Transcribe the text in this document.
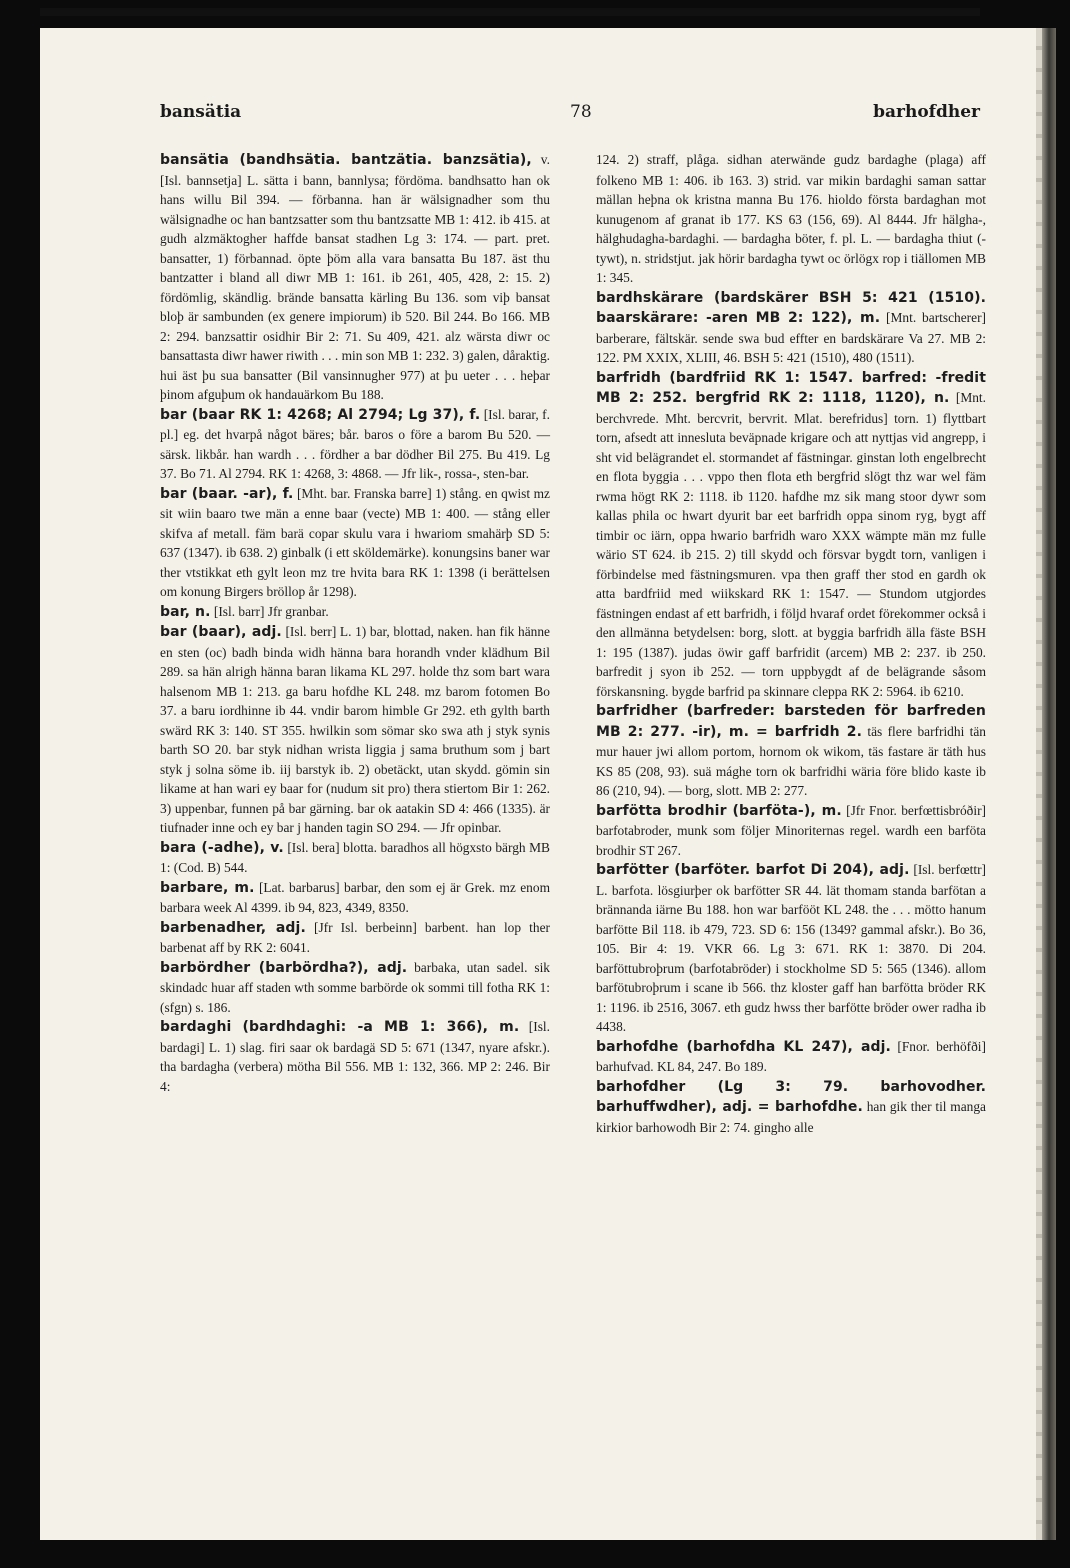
bansätia	78	barhofdher

bansätia (bandhsätia. bantzätia. banzsätia), v. [Isl. bannsetja] L. sätta i bann, bannlysa; fördöma. bandhsatto han ok hans willu Bil 394. — förbanna. han är wälsignadher som thu wälsignadhe oc han bantzsatter som thu bantzsatte MB 1: 412. ib 415. at gudh alzmäktogher haffde bansat stadhen Lg 3: 174. — part. pret. bansatter, 1) förbannad. öpte þöm alla vara bansatta Bu 187. äst thu bantzatter i bland all diwr MB 1: 161. ib 261, 405, 428, 2: 15. 2) fördömlig, skändlig. brände bansatta kärling Bu 136. som viþ bansat bloþ är sambunden (ex genere impiorum) ib 520. Bil 244. Bo 166. MB 2: 294. banzsattir osidhir Bir 2: 71. Su 409, 421. alz wärsta diwr oc bansattasta diwr hawer riwith . . . min son MB 1: 232. 3) galen, dåraktig. hui äst þu sua bansatter (Bil vansinnugher 977) at þu ueter . . . heþar þinom afguþum ok handauärkom Bu 188.

bar (baar RK 1: 4268; Al 2794; Lg 37), f. [Isl. barar, f. pl.] eg. det hvarpå något bäres; bår. baros o före a barom Bu 520. — särsk. likbår. han wardh . . . fördher a bar dödher Bil 275. Bu 419. Lg 37. Bo 71. Al 2794. RK 1: 4268, 3: 4868. — Jfr lik-, rossa-, sten-bar.

bar (baar. -ar), f. [Mht. bar. Franska barre] 1) stång. en qwist mz sit wiin baaro twe män a enne baar (vecte) MB 1: 400. — stång eller skifva af metall. fäm barä copar skulu vara i hwariom smahärþ SD 5: 637 (1347). ib 638. 2) ginbalk (i ett sköldemärke). konungsins baner war ther vtstikkat eth gylt leon mz tre hvita bara RK 1: 1398 (i berättelsen om konung Birgers bröllop år 1298).

bar, n. [Isl. barr] Jfr granbar.

bar (baar), adj. [Isl. berr] L. 1) bar, blottad, naken. han fik hänne en sten (oc) badh binda widh hänna bara horandh vnder klädhum Bil 289. sa hän alrigh hänna baran likama KL 297. holde thz som bart wara halsenom MB 1: 213. ga baru hofdhe KL 248. mz barom fotomen Bo 37. a baru iordhinne ib 44. vndir barom himble Gr 292. eth gylth barth swärd RK 3: 140. ST 355. hwilkin som sömar sko swa ath j styk synis barth SO 20. bar styk nidhan wrista liggia j sama bruthum som j bart styk j solna söme ib. iij barstyk ib. 2) obetäckt, utan skydd. gömin sin likame at han wari ey baar for (nudum sit pro) thera stiertom Bir 1: 262. 3) uppenbar, funnen på bar gärning. bar ok aatakin SD 4: 466 (1335). är tiufnader inne och ey bar j handen tagin SO 294. — Jfr opinbar.

bara (-adhe), v. [Isl. bera] blotta. baradhos all högxsto bärgh MB 1: (Cod. B) 544.

barbare, m. [Lat. barbarus] barbar, den som ej är Grek. mz enom barbara week Al 4399. ib 94, 823, 4349, 8350.

barbenadher, adj. [Jfr Isl. berbeinn] barbent. han lop ther barbenat aff by RK 2: 6041.

barbördher (barbördha?), adj. barbaka, utan sadel. sik skindadc huar aff staden wth somme barbörde ok sommi till fotha RK 1: (sfgn) s. 186.

bardaghi (bardhdaghi: -a MB 1: 366), m. [Isl. bardagi] L. 1) slag. firi saar ok bardagä SD 5: 671 (1347, nyare afskr.). tha bardagha (verbera) mötha Bil 556. MB 1: 132, 366. MP 2: 246. Bir 4:

124. 2) straff, plåga. sidhan aterwände gudz bardaghe (plaga) aff folkeno MB 1: 406. ib 163. 3) strid. var mikin bardaghi saman sattar mällan heþna ok kristna manna Bu 176. hioldo första bardaghan mot kunugenom af granat ib 177. KS 63 (156, 69). Al 8444. Jfr hälgha-, hälghudagha-bardaghi. — bardagha böter, f. pl. L. — bardagha thiut (-tywt), n. stridstjut. jak hörir bardagha tywt oc örlögx rop i tiällomen MB 1: 345.

bardhskärare (bardskärer BSH 5: 421 (1510). baarskärare: -aren MB 2: 122), m. [Mnt. bartscherer] barberare, fältskär. sende swa bud effter en bardskärare Va 27. MB 2: 122. PM XXIX, XLIII, 46. BSH 5: 421 (1510), 480 (1511).

barfridh (bardfriid RK 1: 1547. barfred: -fredit MB 2: 252. bergfrid RK 2: 1118, 1120), n. [Mnt. berchvrede. Mht. bercvrit, bervrit. Mlat. berefridus] torn. 1) flyttbart torn, afsedt att innesluta beväpnade krigare och att nyttjas vid angrepp, i sht vid belägrandet el. stormandet af fästningar. ginstan loth engelbrecht en flota byggia . . . vppo then flota eth bergfrid slögt thz war wel fäm rwma högt RK 2: 1118. ib 1120. hafdhe mz sik mang stoor dywr som kallas phila oc hwart dyurit bar eet barfridh oppa sinom ryg, bygt aff timbir oc iärn, oppa hwario barfridh waro XXX wämpte män mz fulle wärio ST 624. ib 215. 2) till skydd och försvar bygdt torn, vanligen i förbindelse med fästningsmuren. vpa then graff ther stod en gardh ok atta bardfriid med wiikskard RK 1: 1547. — Stundom utgjordes fästningen endast af ett barfridh, i följd hvaraf ordet förekommer också i den allmänna betydelsen: borg, slott. at byggia barfridh älla fäste BSH 1: 195 (1387). judas öwir gaff barfridit (arcem) MB 2: 237. ib 250. barfredit j syon ib 252. — torn uppbygdt af de belägrande såsom förskansning. bygde barfrid pa skinnare cleppa RK 2: 5964. ib 6210.

barfridher (barfreder: barsteden för barfreden MB 2: 277. -ir), m. = barfridh 2. täs flere barfridhi tän mur hauer jwi allom portom, hornom ok wikom, täs fastare är täth hus KS 85 (208, 93). suä mághe torn ok barfridhi wäria före blido kaste ib 86 (210, 94). — borg, slott. MB 2: 277.

barfötta brodhir (barföta-), m. [Jfr Fnor. berfœttisbróðir] barfotabroder, munk som följer Minoriternas regel. wardh een barföta brodhir ST 267.

barfötter (barföter. barfot Di 204), adj. [Isl. berfœttr] L. barfota. lösgiurþer ok barfötter SR 44. lät thomam standa barfötan a brännanda iärne Bu 188. hon war barfööt KL 248. the . . . mötto hanum barfötte Bil 118. ib 479, 723. SD 6: 156 (1349? gammal afskr.). Bo 36, 105. Bir 4: 19. VKR 66. Lg 3: 671. RK 1: 3870. Di 204. barföttubroþrum (barfotabröder) i stockholme SD 5: 565 (1346). allom barfötubroþrum i scane ib 566. thz kloster gaff han barfötta bröder RK 1: 1196. ib 2516, 3067. eth gudz hwss ther barfötte bröder ower radha ib 4438.

barhofdhe (barhofdha KL 247), adj. [Fnor. berhöfði] barhufvad. KL 84, 247. Bo 189.

barhofdher (Lg 3: 79. barhovodher. barhuffwdher), adj. = barhofdhe. han gik ther til manga kirkior barhowodh Bir 2: 74. gingho alle
